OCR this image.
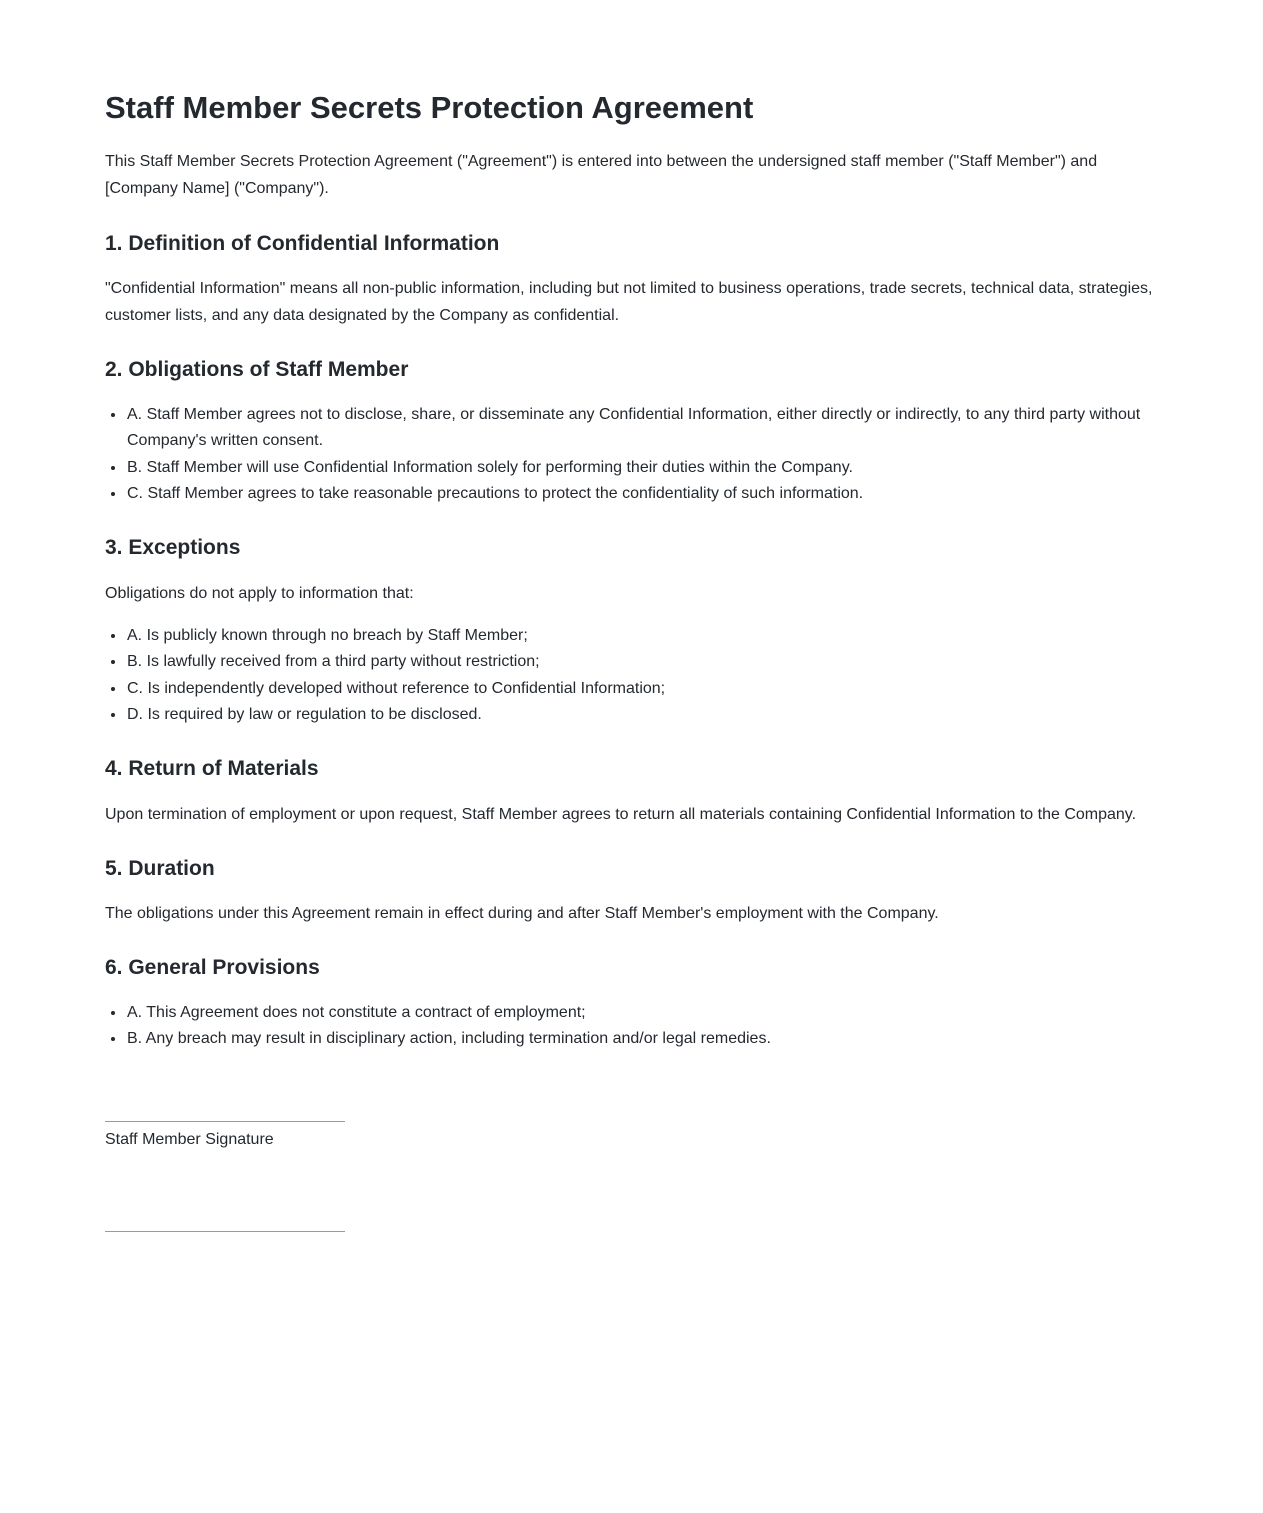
Staff Member Secrets Protection Agreement

This Staff Member Secrets Protection Agreement ("Agreement") is entered into between the undersigned staff member ("Staff Member") and [Company Name] ("Company").

1. Definition of Confidential Information

"Confidential Information" means all non-public information, including but not limited to business operations, trade secrets, technical data, strategies, customer lists, and any data designated by the Company as confidential.

2. Obligations of Staff Member
• A. Staff Member agrees not to disclose, share, or disseminate any Confidential Information, either directly or indirectly, to any third party without Company's written consent.
• B. Staff Member will use Confidential Information solely for performing their duties within the Company.
• C. Staff Member agrees to take reasonable precautions to protect the confidentiality of such information.
3. Exceptions

Obligations do not apply to information that:

• A. Is publicly known through no breach by Staff Member;
• B. Is lawfully received from a third party without restriction;
• C. Is independently developed without reference to Confidential Information;
• D. Is required by law or regulation to be disclosed.
4. Return of Materials

Upon termination of employment or upon request, Staff Member agrees to return all materials containing Confidential Information to the Company.

5. Duration

The obligations under this Agreement remain in effect during and after Staff Member's employment with the Company.

6. General Provisions
• A. This Agreement does not constitute a contract of employment;
• B. Any breach may result in disciplinary action, including termination and/or legal remedies.
Staff Member Signature
